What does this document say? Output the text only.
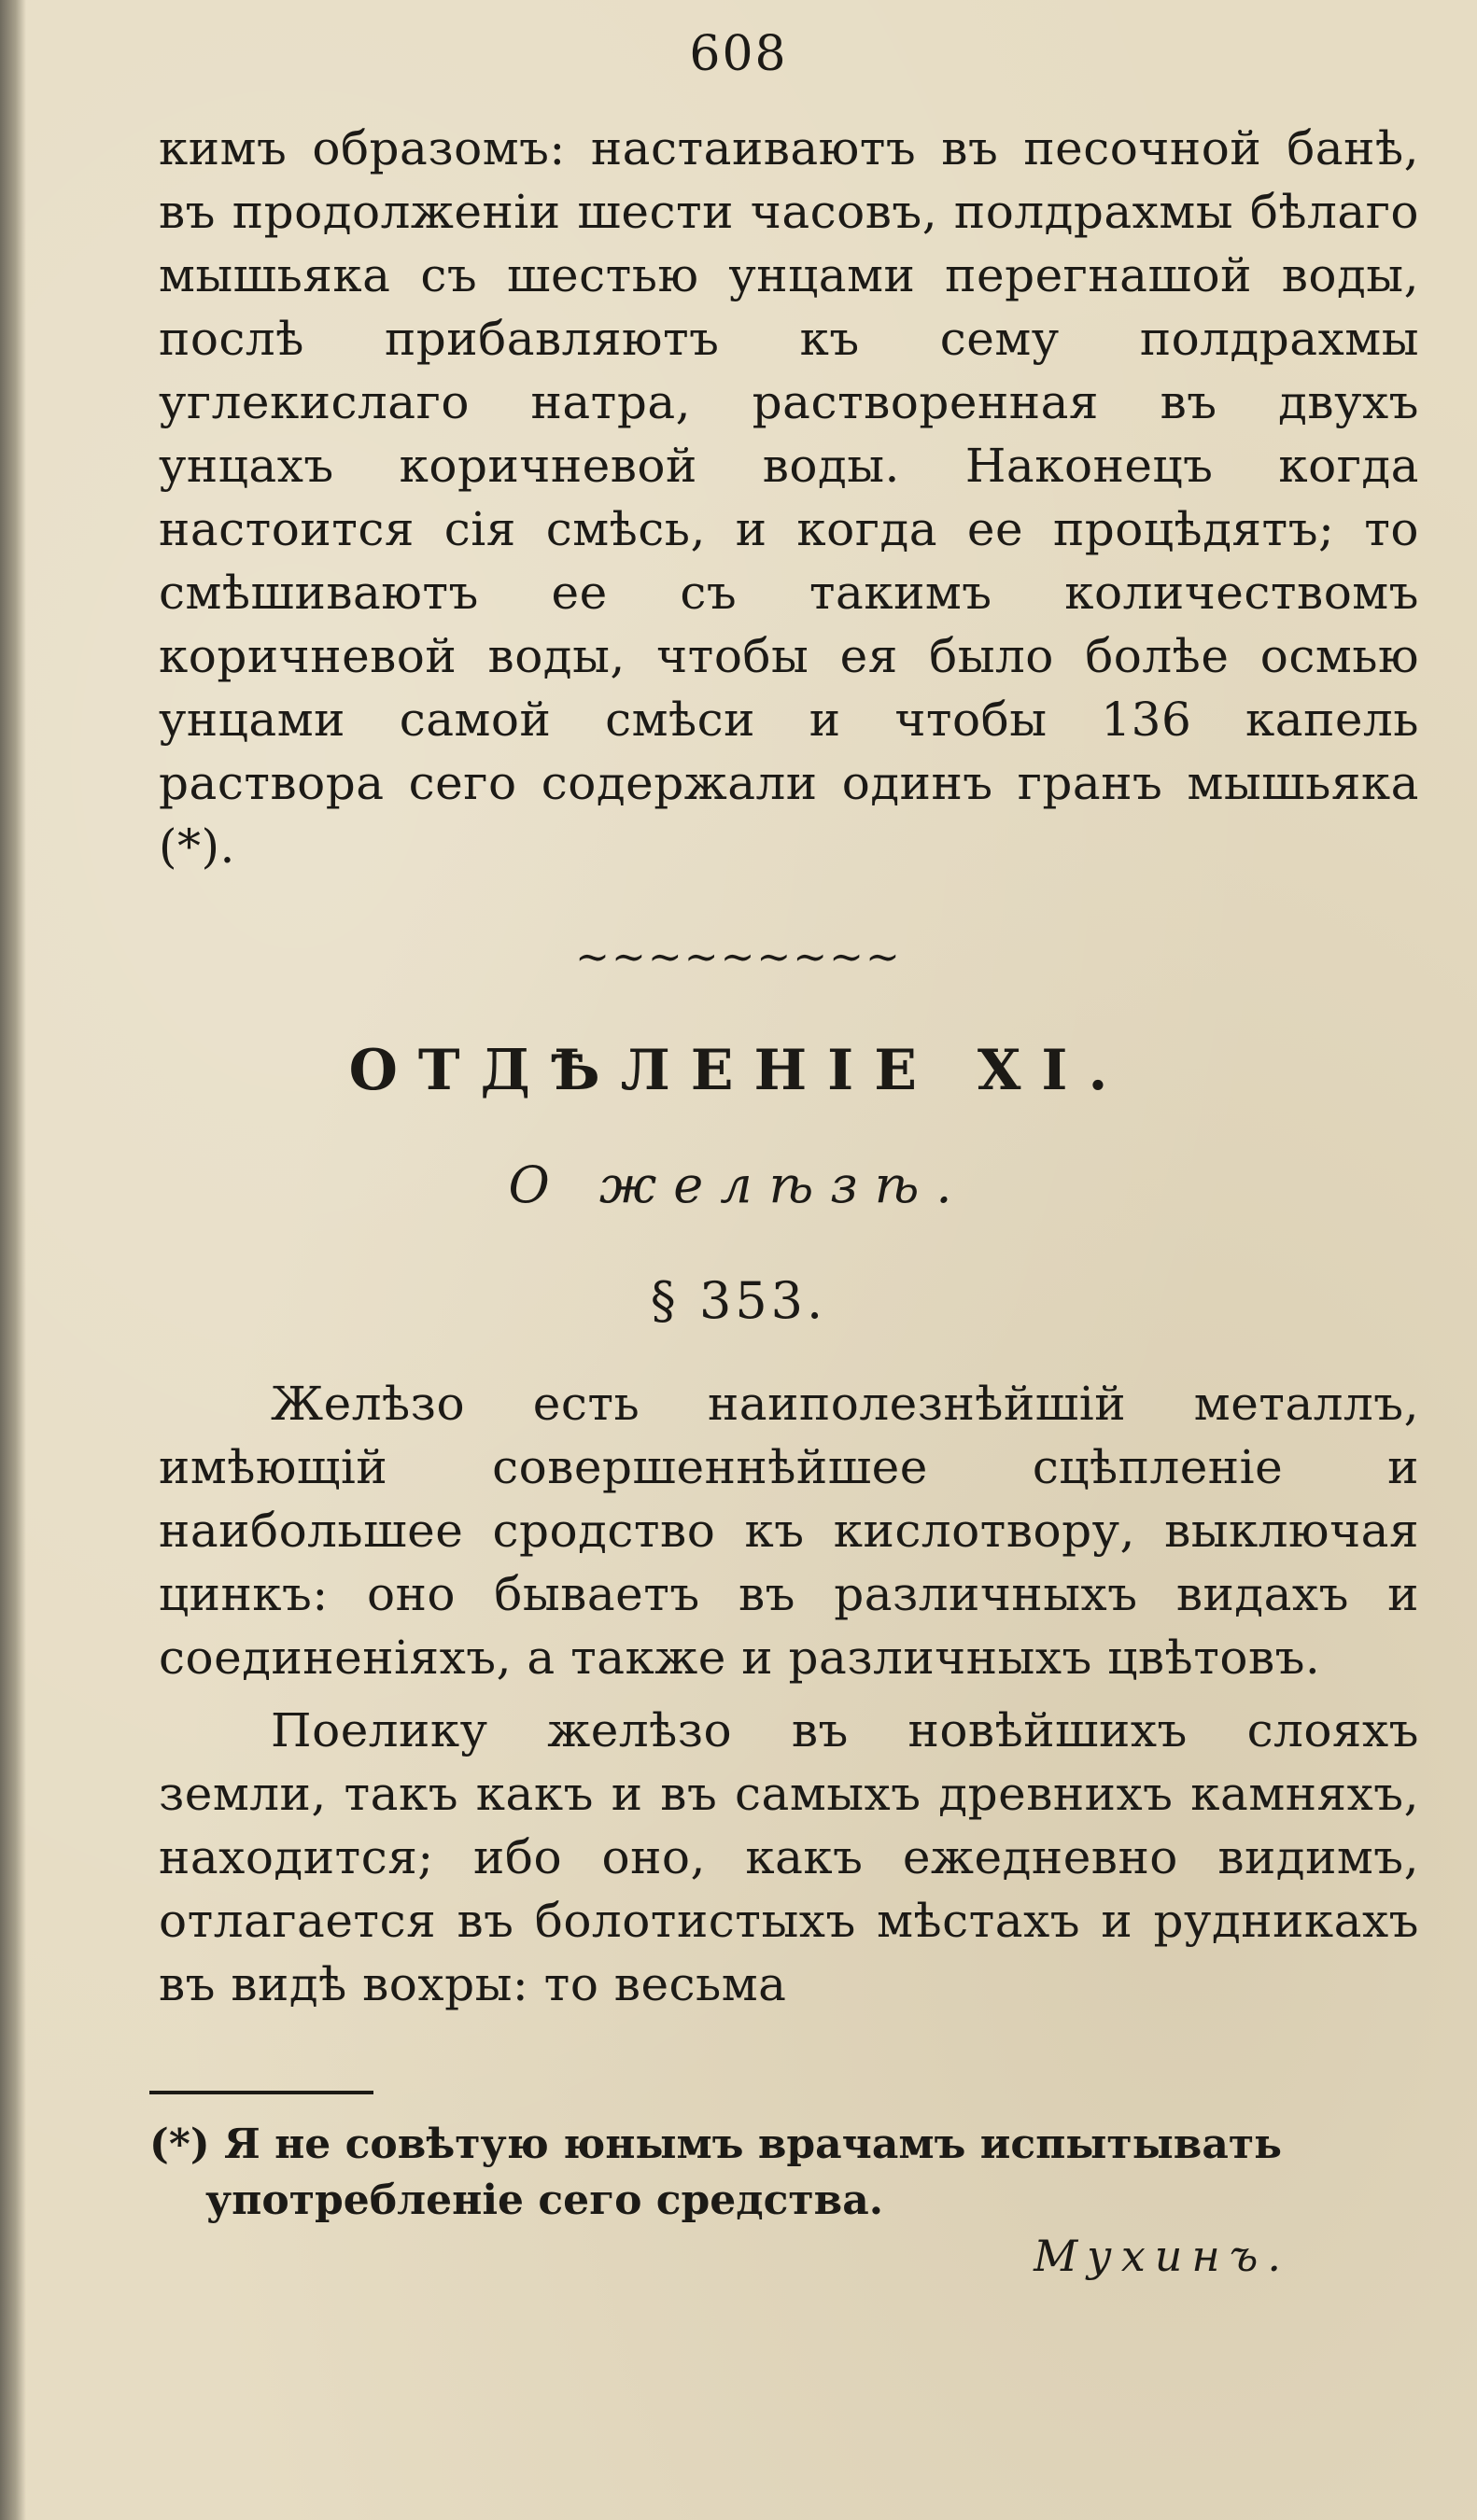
608

кимъ образомъ: настаиваютъ въ песочной банѣ, въ продолженіи шести часовъ, полдрахмы бѣлаго мышьяка съ шестью унцами перегнашой воды, послѣ прибавляютъ къ сему полдрахмы углекислаго натра, растворенная въ двухъ унцахъ коричневой воды. Наконецъ когда настоится сія смѣсь, и когда ее процѣдятъ; то смѣшиваютъ ее съ такимъ количествомъ коричневой воды, чтобы ея было болѣе осмью унцами самой смѣси и чтобы 136 капель раствора сего содержали одинъ гранъ мышьяка (*).

~~~~~~~~~
ОТДѢЛЕНІЕ XI.
О желѣзѣ.
§ 353.

Желѣзо есть наиполезнѣйшій металлъ, имѣющій совершеннѣйшее сцѣпленіе и наибольшее сродство къ кислотвору, выключая цинкъ: оно бываетъ въ различныхъ видахъ и соединеніяхъ, а также и различныхъ цвѣтовъ.

Поелику желѣзо въ новѣйшихъ слояхъ земли, такъ какъ и въ самыхъ древнихъ камняхъ, находится; ибо оно, какъ ежедневно видимъ, отлагается въ болотистыхъ мѣстахъ и рудникахъ въ видѣ вохры: то весьма

(*) Я не совѣтую юнымъ врачамъ испытывать
употребленіе сего средства.
Мухинъ.
